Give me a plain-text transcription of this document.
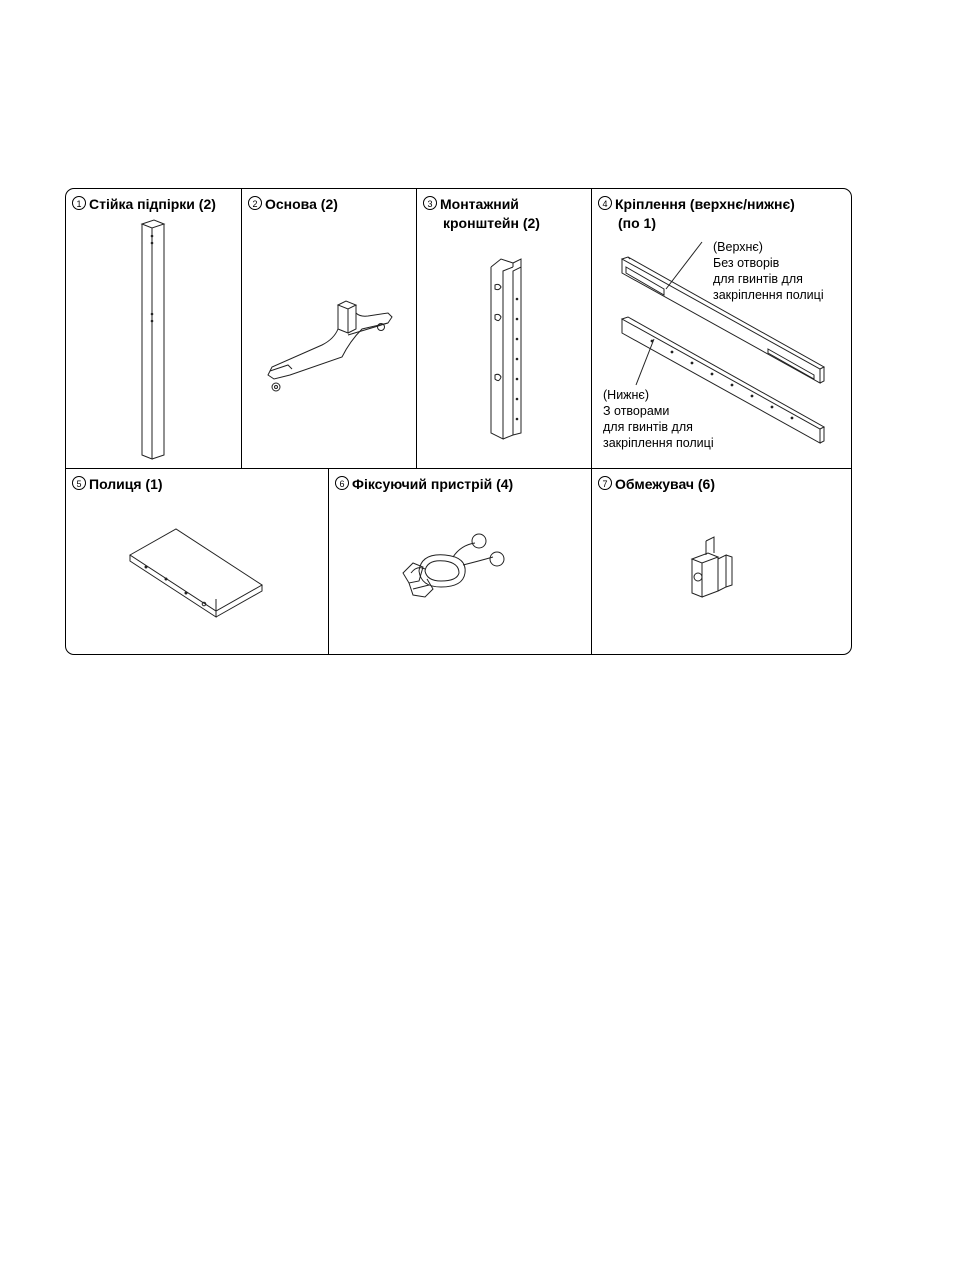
1 Стійка підпірки (2)	2 Основа (2)	3 Монтажний
кронштейн (2)
4 Кріплення (верхнє/нижнє)
(по 1)
(Верхнє)
Без отворів
для гвинтів для
закріплення полиці
(Нижнє)
З отворами
для гвинтів для
закріплення полиці
5 Полиця (1)	6 Фіксуючий пристрій (4)	7 Обмежувач (6)
